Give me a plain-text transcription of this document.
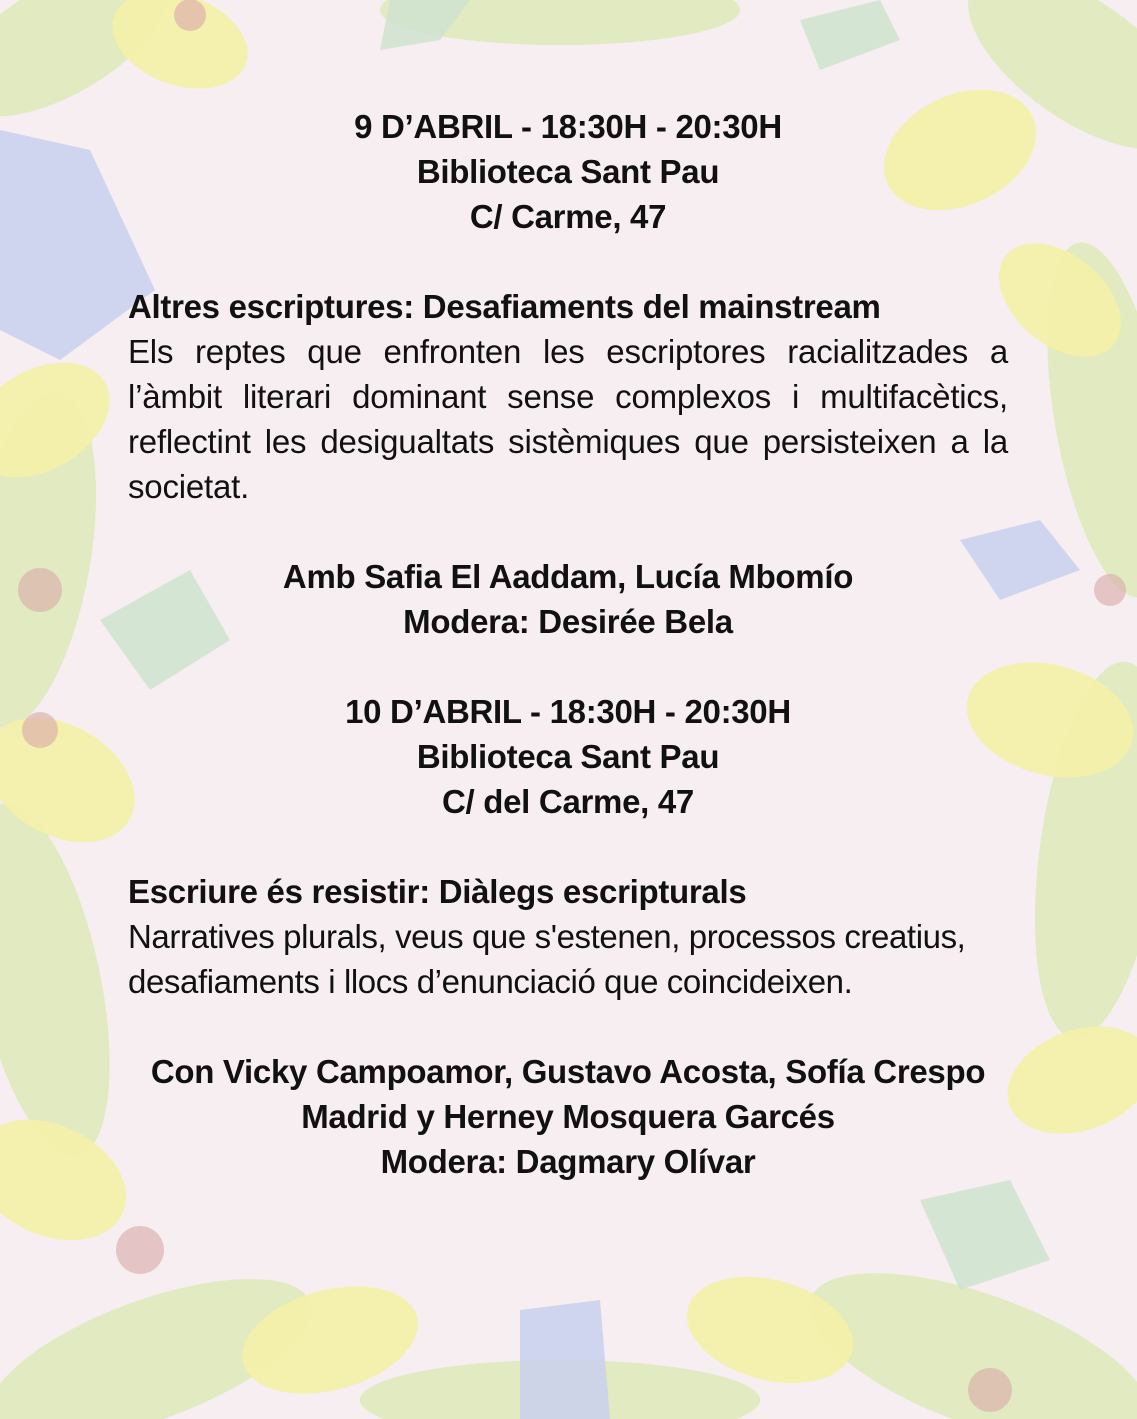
9 D’ABRIL - 18:30H - 20:30H
Biblioteca Sant Pau
C/ Carme, 47
Altres escriptures: Desafiaments del mainstream
Els reptes que enfronten les escriptores racialitzades a l’àmbit literari dominant sense complexos i multifacètics, reflectint les desigualtats sistèmiques que persisteixen a la societat.
Amb Safia El Aaddam, Lucía Mbomío
Modera: Desirée Bela
10 D’ABRIL - 18:30H - 20:30H
Biblioteca Sant Pau
C/ del Carme, 47
Escriure és resistir: Diàlegs escripturals
Narratives plurals, veus que s'estenen, processos creatius,
desafiaments i llocs d’enunciació que coincideixen.
Con Vicky Campoamor, Gustavo Acosta, Sofía Crespo
Madrid y Herney Mosquera Garcés
Modera: Dagmary Olívar
